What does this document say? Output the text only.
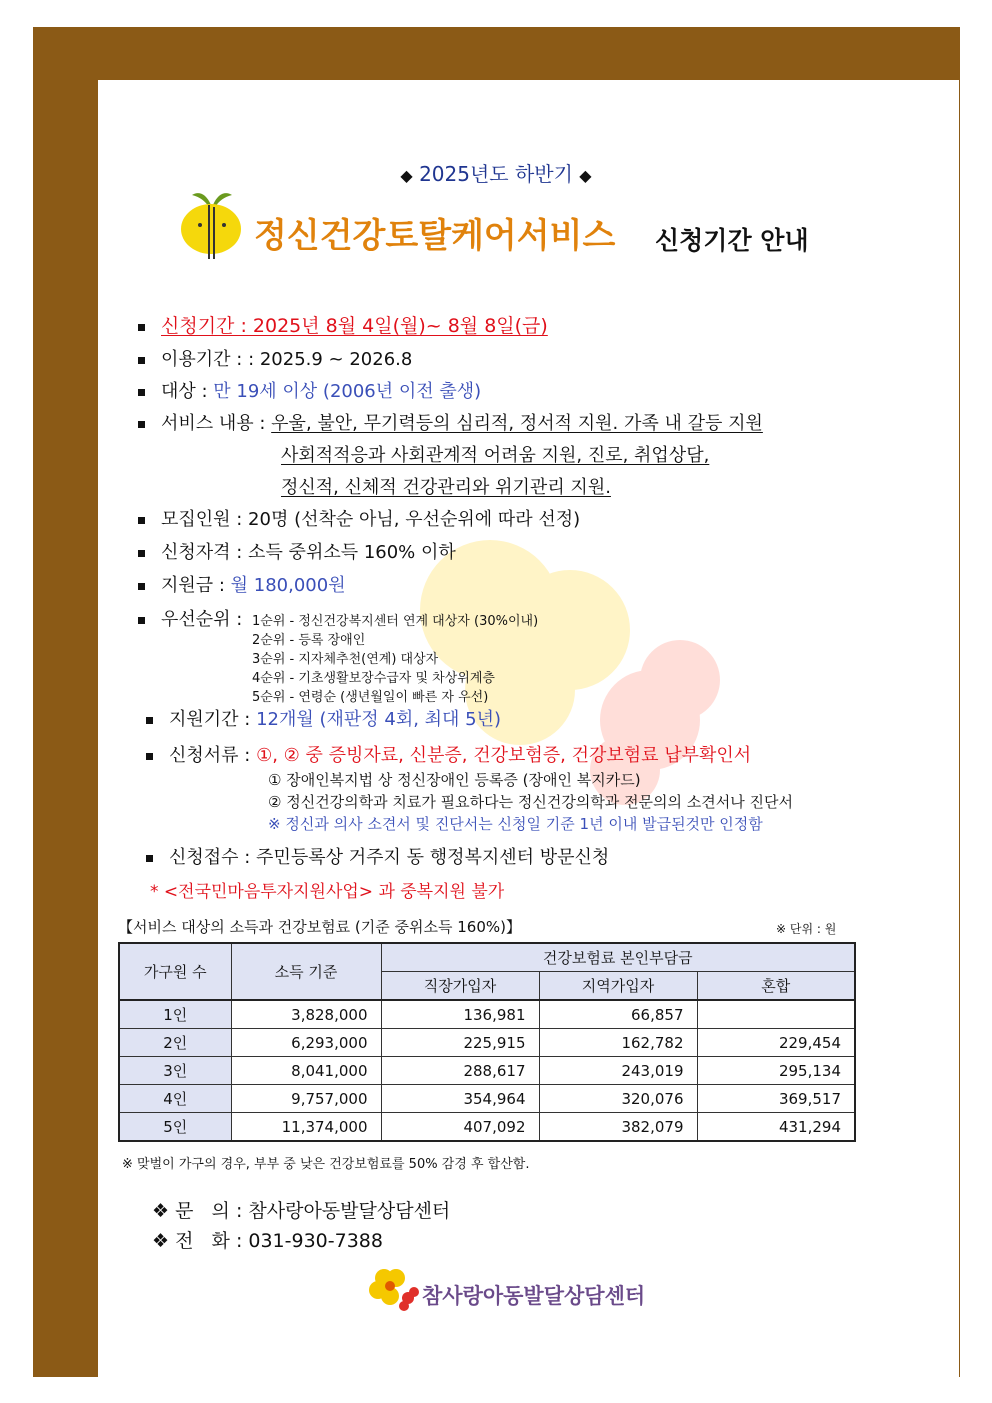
◆ 2025년도 하반기 ◆
정신건강토탈케어서비스 신청기간 안내
신청기간 : 2025년 8월 4일(월)~ 8월 8일(금)
이용기간 : : 2025.9 ~ 2026.8
대상 : 만 19세 이상 (2006년 이전 출생)
서비스 내용 : 우울, 불안, 무기력등의 심리적, 정서적 지원. 가족 내 갈등 지원
사회적적응과 사회관계적 어려움 지원, 진로, 취업상담,
정신적, 신체적 건강관리와 위기관리 지원.
모집인원 : 20명 (선착순 아님, 우선순위에 따라 선정)
신청자격 : 소득 중위소득 160% 이하
지원금 : 월 180,000원
우선순위 : 1순위 - 정신건강복지센터 연계 대상자 (30%이내)
2순위 - 등록 장애인
3순위 - 지자체추천(연계) 대상자
4순위 - 기초생활보장수급자 및 차상위계층
5순위 - 연령순 (생년월일이 빠른 자 우선)
지원기간 : 12개월 (재판정 4회, 최대 5년)
신청서류 : ①, ② 중 증빙자료, 신분증, 건강보험증, 건강보험료 납부확인서
① 장애인복지법 상 정신장애인 등록증 (장애인 복지카드)
② 정신건강의학과 치료가 필요하다는 정신건강의학과 전문의의 소견서나 진단서
※ 정신과 의사 소견서 및 진단서는 신청일 기준 1년 이내 발급된것만 인정함
신청접수 : 주민등록상 거주지 동 행정복지센터 방문신청
* <전국민마음투자지원사업> 과 중복지원 불가
【서비스 대상의 소득과 건강보험료 (기준 중위소득 160%)】	※ 단위 : 원
가구원 수	소득 기준	건강보험료 본인부담금		
		직장가입자	지역가입자	혼합
1인	3,828,000	136,981	66,857	
2인	6,293,000	225,915	162,782	229,454
3인	8,041,000	288,617	243,019	295,134
4인	9,757,000	354,964	320,076	369,517
5인	11,374,000	407,092	382,079	431,294
※ 맞벌이 가구의 경우, 부부 중 낮은 건강보험료를 50% 감경 후 합산함.
❖ 문   의 : 참사랑아동발달상담센터
❖ 전   화 : 031-930-7388
참사랑아동발달상담센터
